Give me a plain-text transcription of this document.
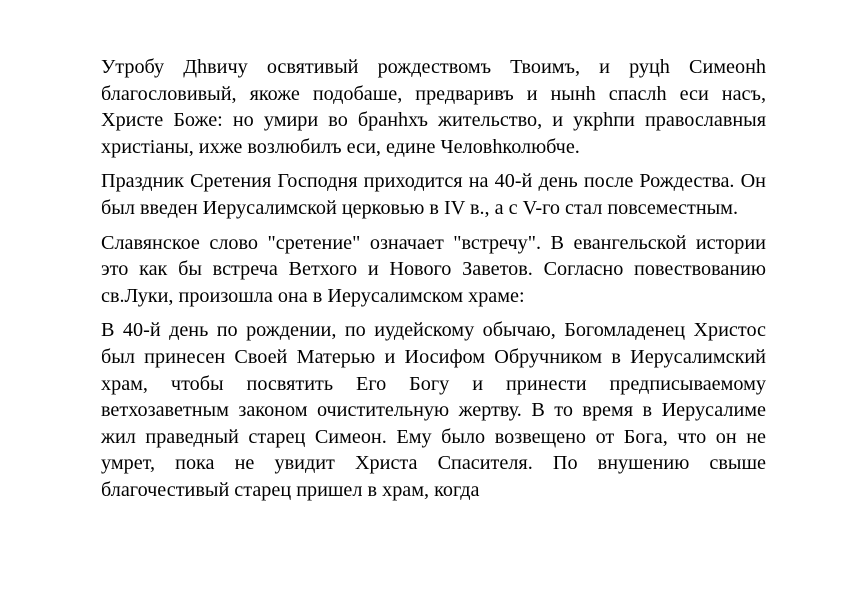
Утробу Дhвичу освятивый рождествомъ Твоимъ, и руцh Симеонh благословивый, якоже подобаше, предваривъ и нынh спаслh еси насъ, Христе Боже: но умири во бранhхъ жительство, и укрhпи православныя христiаны, ихже возлюбилъ еси, едине Человhколюбче.

Праздник Сретения Господня приходится на 40-й день после Рождества. Он был введен Иерусалимской церковью в IV в., а с V-го стал повсеместным.

Славянское слово "сретение" означает "встречу". В евангельской истории это как бы встреча Ветхого и Нового Заветов. Согласно повествованию св.Луки, произошла она в Иерусалимском храме:

В 40-й день по рождении, по иудейскому обычаю, Богомладенец Христос был принесен Своей Матерью и Иосифом Обручником в Иерусалимский храм, чтобы посвятить Его Богу и принести предписываемому ветхозаветным законом очистительную жертву. В то время в Иерусалиме жил праведный старец Симеон. Ему было возвещено от Бога, что он не умрет, пока не увидит Христа Спасителя. По внушению свыше благочестивый старец пришел в храм, когда
